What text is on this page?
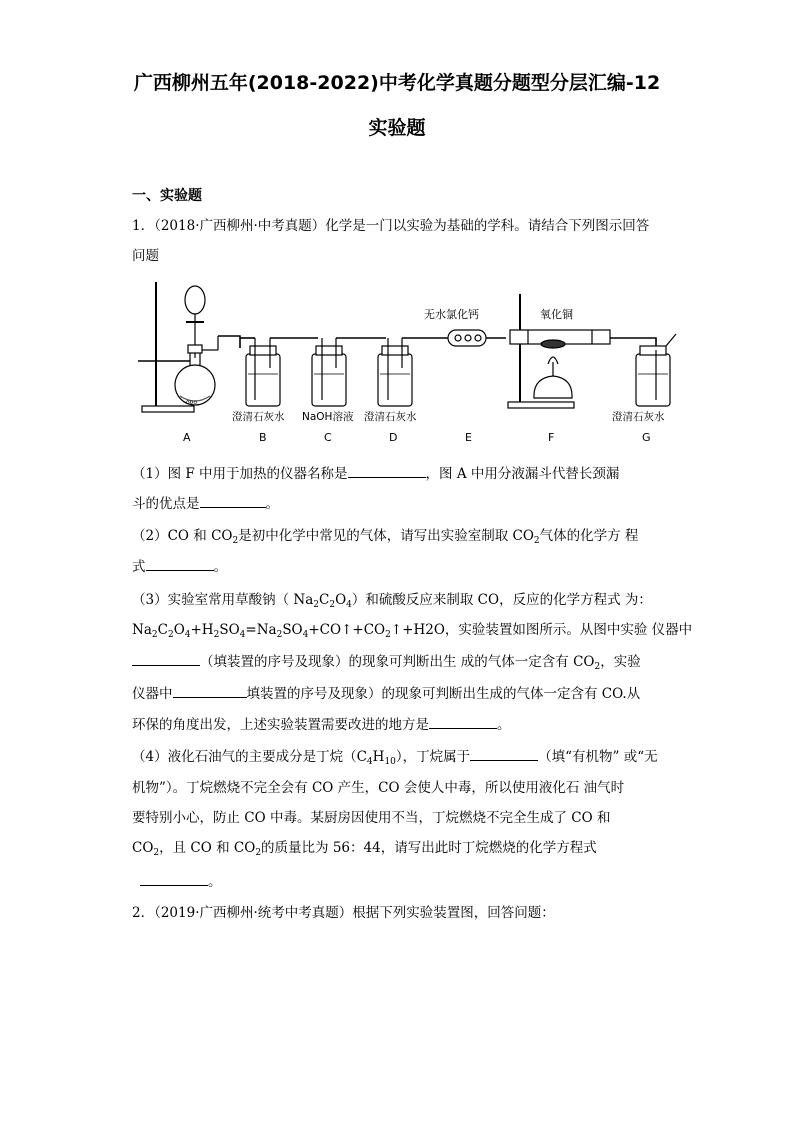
广西柳州五年(2018-2022)中考化学真题分题型分层汇编-12
实验题
一、实验题
1．（2018·广西柳州·中考真题）化学是一门以实验为基础的学科。请结合下列图示回答
问题
ooo
无水氯化钙	氧化铜
澄清石灰水 NaOH溶液 澄清石灰水	澄清石灰水
A	B	C	D	E	F	G
（1）图 F 中用于加热的仪器名称是	，图 A 中用分液漏斗代替长颈漏
斗的优点是	。
（2）CO 和 $CO_2$是初中化学中常见的气体，请写出实验室制取 $CO_2$气体的化学方 程
式	。
（3）实验室常用草酸钠（ $Na_2C_2O_4$）和硫酸反应来制取 CO，反应的化学方程式 为：
$Na_2C_2O_4+H_2SO_4=Na_2SO_4+CO↑+CO_2↑+H2O$，实验装置如图所示。从图中实验 仪器中
（填装置的序号及现象）的现象可判断出生 成的气体一定含有 $CO_2$，实验
仪器中	填装置的序号及现象）的现象可判断出生成的气体一定含有 CO.从
环保的角度出发，上述实验装置需要改进的地方是	。
（4）液化石油气的主要成分是丁烷$(C_4H_{10})$，丁烷属于	（填“有机物” 或“无
机物”）。丁烷燃烧不完全会有 CO 产生，CO 会使人中毒，所以使用液化石 油气时
要特别小心，防止 CO 中毒。某厨房因使用不当，丁烷燃烧不完全生成了 CO 和
$CO_2$，且 CO 和 $CO_2$的质量比为 56：44，请写出此时丁烷燃烧的化学方程式
。
2．（2019·广西柳州·统考中考真题）根据下列实验装置图，回答问题：
